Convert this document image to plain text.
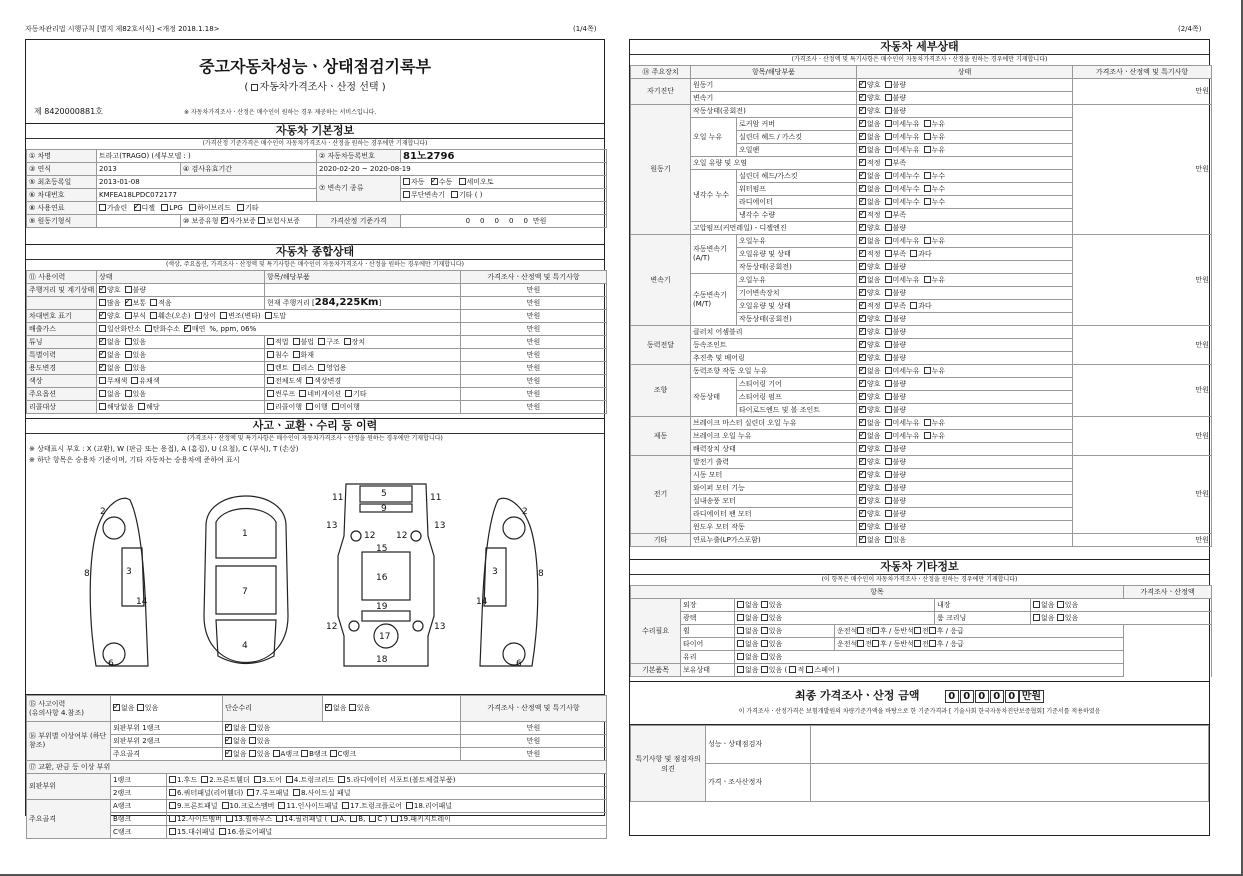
자동차관리법 시행규칙 [별지 제82호서식] <개정 2018.1.18>	(1/4쪽)	(2/4쪽)
중고자동차성능ㆍ상태점검기록부
( 자동차가격조사ㆍ산정 선택 )
제 8420000881호	※ 자동차가격조사ㆍ산정은 매수인이 원하는 경우 제공하는 서비스입니다.
자동차 기본정보
(가격산정 기준가격은 매수인이 자동차가격조사ㆍ산정을 원하는 경우에만 기재합니다)
① 차명	트라고(TRAGO) (세부모델 : )		② 자동차등록번호	81노2796
③ 연식	2013	④ 검사유효기간	2020-02-20 ~ 2020-08-19	
⑤ 최초등록일	2013-01-08		⑦ 변속기 종류	자동 ✓ 수동 세미오토
⑥ 차대번호	KMFEA18LPDC072177			무단변속기 기타 ( )
⑧ 사용연료	가솔린 ✓ 디젤 LPG 하이브리드 기타
⑨ 원동기형식		⑩ 보증유형 ✓ 자가보증 보험사보증	가격산정 기준가격	0 0 0 0 0 만원
자동차 종합상태
(색상, 주요옵션, 가격조사ㆍ산정액 및 특기사항은 매수인이 자동차가격조사ㆍ산정을 원하는 경우에만 기재합니다)
⑪ 사용이력	상태	항목/해당부품	가격조사ㆍ산정액 및 특기사항
주행거리 및 계기상태	✓양호 불량		만원
	많음 ✓ 보통 적음	현재 주행거리 [284,225Km]	만원
차대번호 표기	✓양호 부식 훼손(오손) 상이 변조(변타) 도말		만원
배출가스	일산화탄소 탄화수소 ✓ 매연 %, ppm, 06%		만원
튜닝	✓없음 있음	적법 불법 구조 장치	만원
특별이력	✓없음 있음	침수 화재	만원
용도변경	✓없음 있음	렌트 리스 영업용	만원
색상	무채색 유채색	전체도색 색상변경	만원
주요옵션	없음 있음	썬루프 네비게이션 기타	만원
리콜대상	해당없음 해당	리콜이행 이행 미이행	만원
사고ㆍ교환ㆍ수리 등 이력
(가격조사ㆍ산정액 및 특기사항은 매수인이 자동차가격조사ㆍ산정을 원하는 경우에만 기재합니다)
※ 상태표시 부호 : X (교환), W (판금 또는 용접), A (흠집), U (요철), C (부식), T (손상)
※ 하단 항목은 승용차 기준이며, 기타 자동차는 승용차에 준하여 표시
2
8	3
14
6
1
7
4
5
9
11	11
13	13
12 12
15
16
19
12	13
17
18
2
8
3
14
6
⑮ 사고이력
(유의사항 4.참조)	✓없음 있음		단순수리	✓없음 있음	가격조사ㆍ산정액 및 특기사항
⑯ 부위별 이상여부 (하단참조)	외판부위 1랭크	✓없음 있음		만원
	외판부위 2랭크	✓없음 있음		만원
	주요골격	✓없음 있음 A랭크 B랭크 C랭크		만원
⑰ 교환, 판금 등 이상 부위					
외판부위	1랭크	1.후드 2.프론트휀더 3.도어 4.트렁크리드 5.라디에이터 서포트(볼트체결부품)			
	2랭크	6.쿼터패널(리어휀더) 7.루프패널 8.사이드실 패널			
주요골격	A랭크	9.프론트패널 10.크로스멤버 11.인사이드패널 17.트렁크플로어 18.리어패널			
	B랭크	12.사이드멤버 13.휠하우스 14.필러패널 ( A, B, C ) 19.패키지트레이			
	C랭크	15.대쉬패널 16.플로어패널			
자동차 세부상태
(가격조사ㆍ산정액 및 특기사항은 매수인이 자동차가격조사ㆍ산정을 원하는 경우에만 기재합니다)
⑱ 주요장치	항목/해당부품		상태	가격조사ㆍ산정액 및 특기사항
자기진단	원동기	✓양호 불량	만원
	변속기	✓양호 불량
원동기	작동상태(공회전)	✓양호 불량	만원
	오일 누유	로커암 커버	✓없음 미세누유 누유
		실린더 헤드 / 가스킷	✓없음 미세누유 누유
		오일팬	✓없음 미세누유 누유
	오일 유량 및 오염	✓적정 부족
	냉각수 누수	실린더 헤드/가스킷	✓없음 미세누수 누수
		워터펌프	✓없음 미세누수 누수
		라디에이터	✓없음 미세누수 누수
		냉각수 수량	✓적정 부족
	고압펌프(커먼레일) - 디젤엔진	✓양호 불량
변속기	자동변속기 (A/T)	오일누유	✓없음 미세누유 누유	만원
		오일유량 및 상태	✓적정 부족 과다
		작동상태(공회전)	✓양호 불량
	수동변속기 (M/T)	오일누유	✓없음 미세누유 누유
		기어변속장치	✓양호 불량
		오일유량 및 상태	✓적정 부족 과다
		작동상태(공회전)	✓양호 불량
동력전달	클러치 어셈블리	✓양호 불량	만원
	등속조인트	✓양호 불량
	추진축 및 베어링	✓양호 불량
조향	동력조향 작동 오일 누유	✓없음 미세누유 누유	만원
	작동상태	스티어링 기어	✓양호 불량
		스티어링 펌프	✓양호 불량
		타이로드엔드 및 볼 조인트	✓양호 불량
제동	브레이크 마스터 실린더 오일 누유	✓없음 미세누유 누유	만원
	브레이크 오일 누유	✓없음 미세누유 누유
	배력장치 상태	✓양호 불량
전기	발전기 출력	✓양호 불량	만원
	시동 모터	✓양호 불량
	와이퍼 모터 기능	✓양호 불량
	실내송풍 모터	✓양호 불량
	라디에이터 팬 모터	✓양호 불량
	윈도우 모터 작동	✓양호 불량
기타	연료누출(LP가스포함)	✓없음 있음	만원
자동차 기타정보
(이 항목은 매수인이 자동차가격조사ㆍ산정을 원하는 경우에만 기재합니다)
항목						가격조사ㆍ산정액	
수리필요	외장	없음 있음		내장	없음 있음	
	광택	없음 있음		룸 크리닝	없음 있음		
	휠	없음 있음	운전석 전 후 / 동반석 전 후 / 응급				
	타이어	없음 있음	운전석 전 후 / 동반석 전 후 / 응급				
	유리	없음 있음					
기본품목	보유상태	없음 있음 ( 적 스페어 )					
최종 가격조사ㆍ산정 금액	0 0 0 0 0 만원
이 가격조사ㆍ산정가격은 보험개발원의 차량기준가액을 바탕으로 한 기준가격과 [ 기술사회 한국자동차진단보증협회] 기준서를 적용하였음
특기사항 및 점검자의 의견	성능ㆍ상태점검자	
	가격ㆍ조사산정자	
